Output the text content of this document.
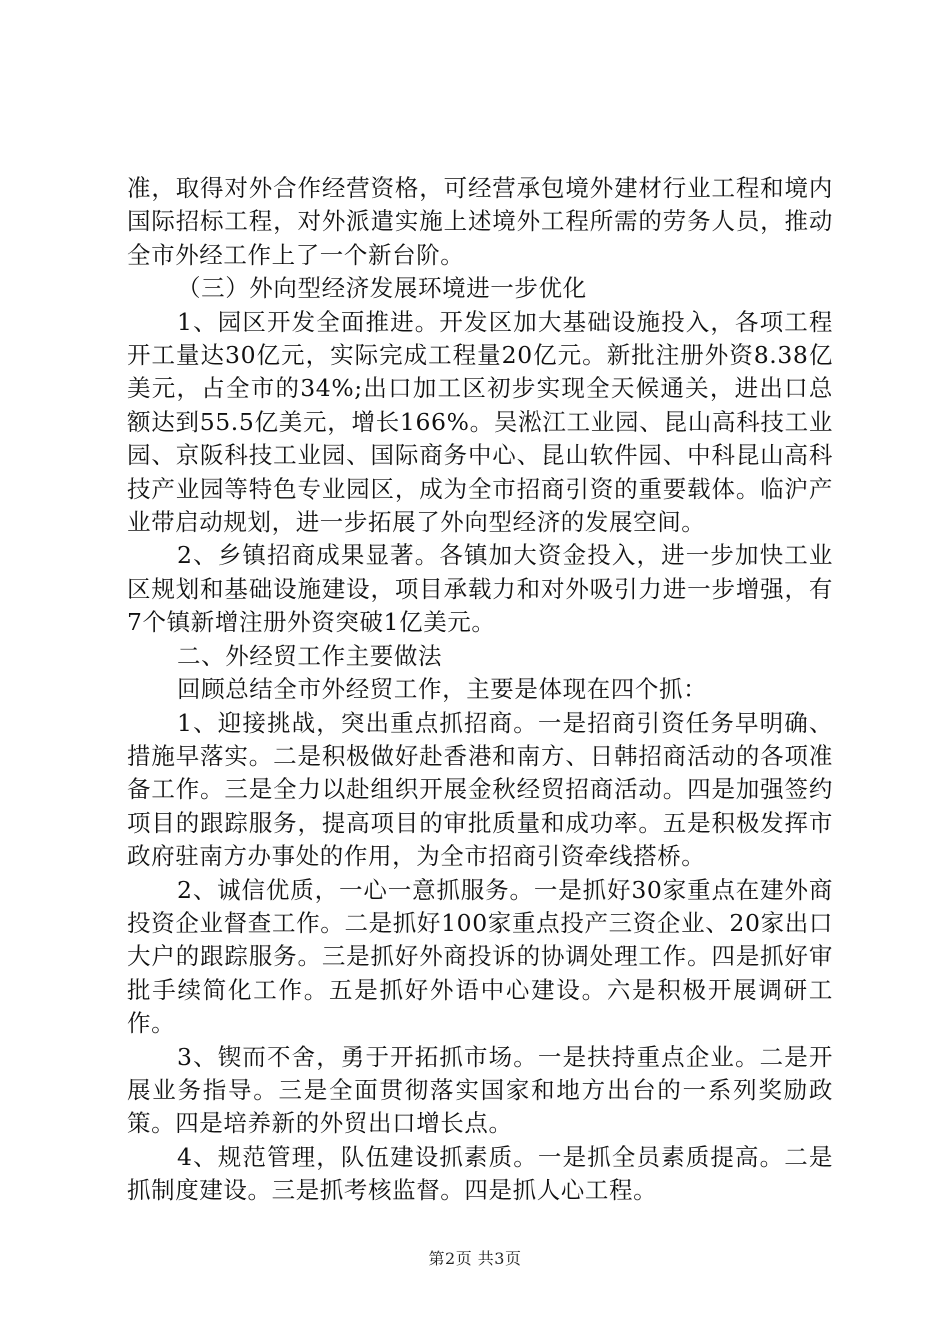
准，取得对外合作经营资格，可经营承包境外建材行业工程和境内国际招标工程，对外派遣实施上述境外工程所需的劳务人员，推动全市外经工作上了一个新台阶。

（三）外向型经济发展环境进一步优化

1、园区开发全面推进。开发区加大基础设施投入，各项工程开工量达30亿元，实际完成工程量20亿元。新批注册外资8.38亿美元，占全市的34%;出口加工区初步实现全天候通关，进出口总额达到55.5亿美元，增长166%。吴淞江工业园、昆山高科技工业园、京阪科技工业园、国际商务中心、昆山软件园、中科昆山高科技产业园等特色专业园区，成为全市招商引资的重要载体。临沪产业带启动规划，进一步拓展了外向型经济的发展空间。

2、乡镇招商成果显著。各镇加大资金投入，进一步加快工业区规划和基础设施建设，项目承载力和对外吸引力进一步增强，有7个镇新增注册外资突破1亿美元。

二、外经贸工作主要做法

回顾总结全市外经贸工作，主要是体现在四个抓：

1、迎接挑战，突出重点抓招商。一是招商引资任务早明确、措施早落实。二是积极做好赴香港和南方、日韩招商活动的各项准备工作。三是全力以赴组织开展金秋经贸招商活动。四是加强签约项目的跟踪服务，提高项目的审批质量和成功率。五是积极发挥市政府驻南方办事处的作用，为全市招商引资牵线搭桥。

2、诚信优质，一心一意抓服务。一是抓好30家重点在建外商投资企业督查工作。二是抓好100家重点投产三资企业、20家出口大户的跟踪服务。三是抓好外商投诉的协调处理工作。四是抓好审批手续简化工作。五是抓好外语中心建设。六是积极开展调研工作。

3、锲而不舍，勇于开拓抓市场。一是扶持重点企业。二是开展业务指导。三是全面贯彻落实国家和地方出台的一系列奖励政策。四是培养新的外贸出口增长点。

4、规范管理，队伍建设抓素质。一是抓全员素质提高。二是抓制度建设。三是抓考核监督。四是抓人心工程。

第2页 共3页
